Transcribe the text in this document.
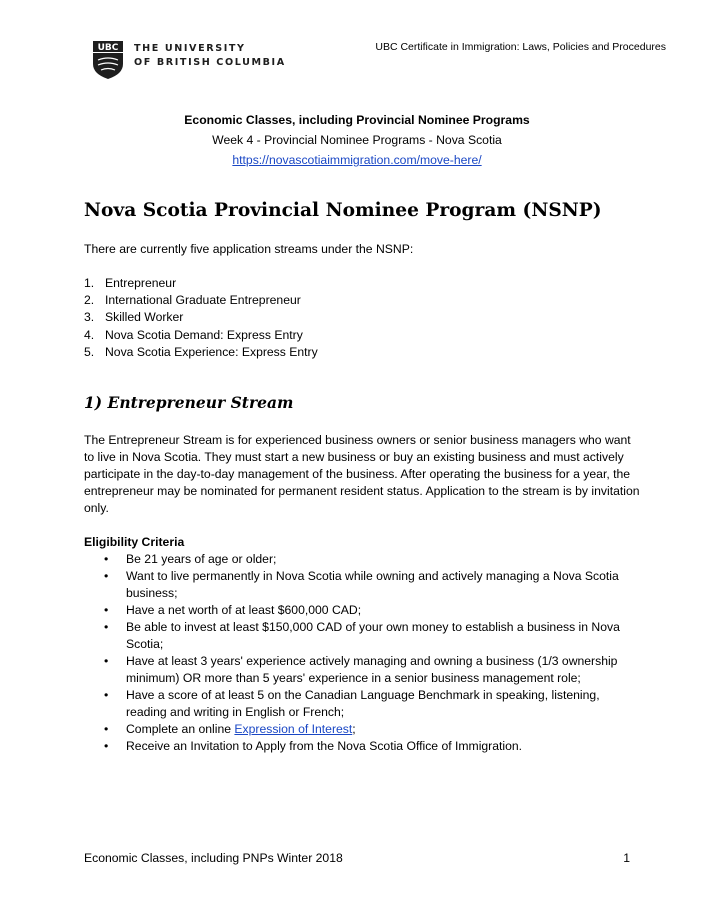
UBC Certificate in Immigration: Laws, Policies and Procedures
UBC THE UNIVERSITY
OF BRITISH COLUMBIA
Economic Classes, including Provincial Nominee Programs
Week 4 - Provincial Nominee Programs - Nova Scotia
https://novascotiaimmigration.com/move-here/
Nova Scotia Provincial Nominee Program (NSNP)
There are currently five application streams under the NSNP:
1. Entrepreneur
2. International Graduate Entrepreneur
3. Skilled Worker
4. Nova Scotia Demand: Express Entry
5. Nova Scotia Experience: Express Entry
1) Entrepreneur Stream
The Entrepreneur Stream is for experienced business owners or senior business managers who want to live in Nova Scotia. They must start a new business or buy an existing business and must actively participate in the day-to-day management of the business. After operating the business for a year, the entrepreneur may be nominated for permanent resident status. Application to the stream is by invitation only.
Eligibility Criteria
•	Be 21 years of age or older;
•	Want to live permanently in Nova Scotia while owning and actively managing a Nova Scotia business;
•	Have a net worth of at least $600,000 CAD;
•	Be able to invest at least $150,000 CAD of your own money to establish a business in Nova Scotia;
•	Have at least 3 years' experience actively managing and owning a business (1/3 ownership minimum) OR more than 5 years' experience in a senior business management role;
•	Have a score of at least 5 on the Canadian Language Benchmark in speaking, listening, reading and writing in English or French;
•	Complete an online Expression of Interest;
•	Receive an Invitation to Apply from the Nova Scotia Office of Immigration.
Economic Classes, including PNPs Winter 2018	1
